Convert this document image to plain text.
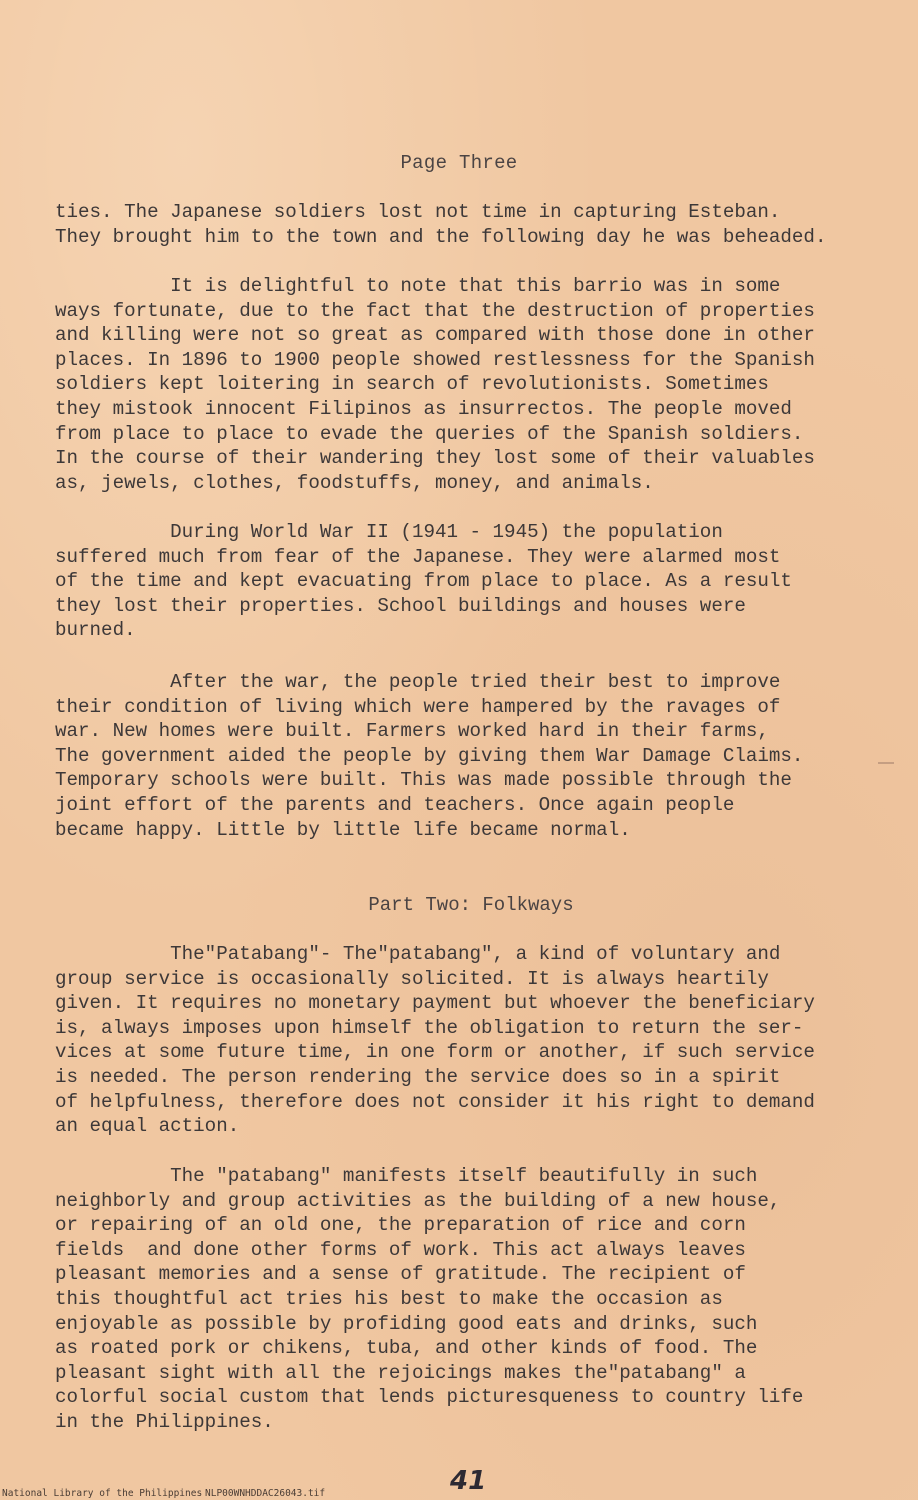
Page Three
ties. The Japanese soldiers lost not time in capturing Esteban.
They brought him to the town and the following day he was beheaded.
It is delightful to note that this barrio was in some
ways fortunate, due to the fact that the destruction of properties
and killing were not so great as compared with those done in other
places. In 1896 to 1900 people showed restlessness for the Spanish
soldiers kept loitering in search of revolutionists. Sometimes
they mistook innocent Filipinos as insurrectos. The people moved
from place to place to evade the queries of the Spanish soldiers.
In the course of their wandering they lost some of their valuables
as, jewels, clothes, foodstuffs, money, and animals.
During World War II (1941 - 1945) the population
suffered much from fear of the Japanese. They were alarmed most
of the time and kept evacuating from place to place. As a result
they lost their properties. School buildings and houses were
burned.
After the war, the people tried their best to improve
their condition of living which were hampered by the ravages of
war. New homes were built. Farmers worked hard in their farms,
The government aided the people by giving them War Damage Claims.
Temporary schools were built. This was made possible through the
joint effort of the parents and teachers. Once again people
became happy. Little by little life became normal.
Part Two: Folkways
The"Patabang"- The"patabang", a kind of voluntary and
group service is occasionally solicited. It is always heartily
given. It requires no monetary payment but whoever the beneficiary
is, always imposes upon himself the obligation to return the ser-
vices at some future time, in one form or another, if such service
is needed. The person rendering the service does so in a spirit
of helpfulness, therefore does not consider it his right to demand
an equal action.
The "patabang" manifests itself beautifully in such
neighborly and group activities as the building of a new house,
or repairing of an old one, the preparation of rice and corn
fields  and done other forms of work. This act always leaves
pleasant memories and a sense of gratitude. The recipient of
this thoughtful act tries his best to make the occasion as
enjoyable as possible by profiding good eats and drinks, such
as roated pork or chikens, tuba, and other kinds of food. The
pleasant sight with all the rejoicings makes the"patabang" a
colorful social custom that lends picturesqueness to country life
in the Philippines.
41
National Library of the Philippines NLP00WNHDDAC26043.tif
